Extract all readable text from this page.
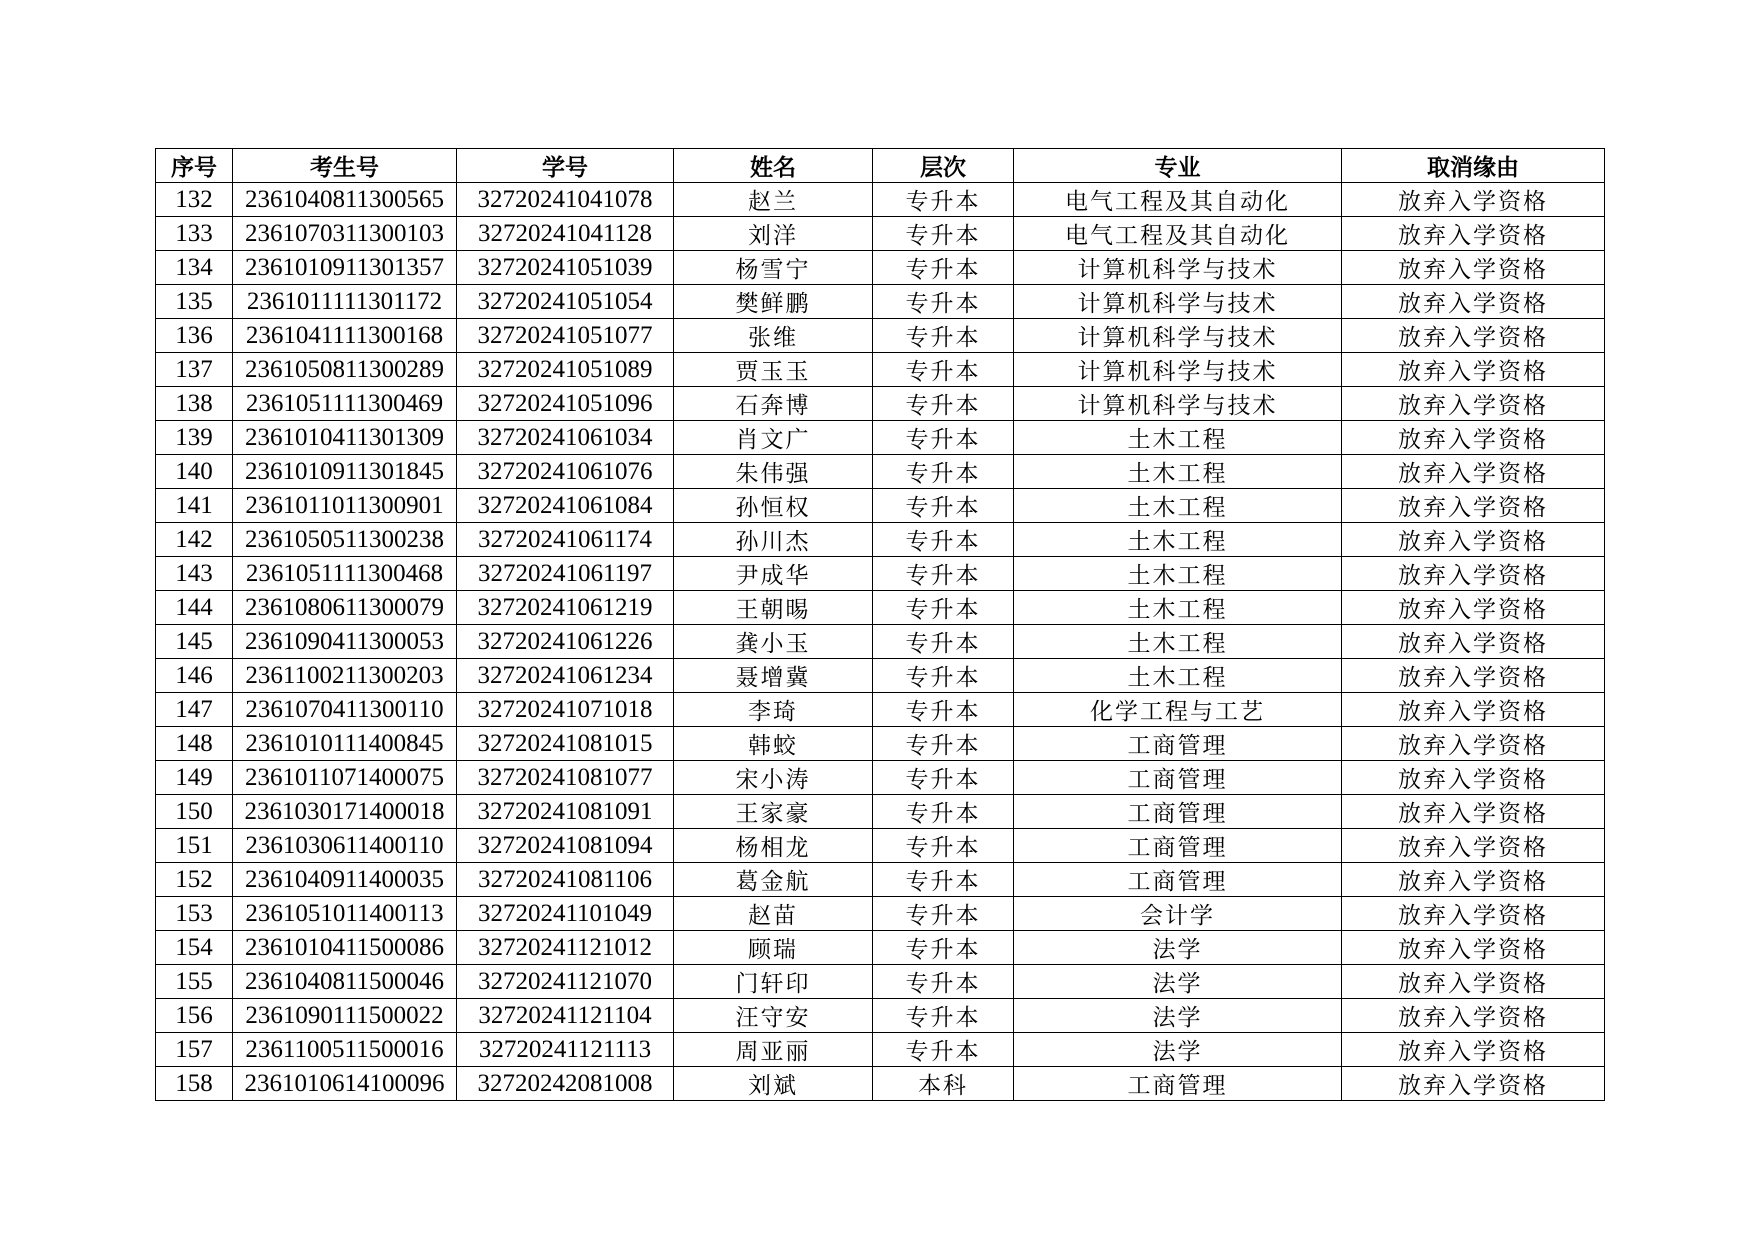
序号	考生号	学号	姓名	层次	专业	取消缘由
132	2361040811300565	32720241041078	赵兰	专升本	电气工程及其自动化	放弃入学资格
133	2361070311300103	32720241041128	刘洋	专升本	电气工程及其自动化	放弃入学资格
134	2361010911301357	32720241051039	杨雪宁	专升本	计算机科学与技术	放弃入学资格
135	2361011111301172	32720241051054	樊鲜鹏	专升本	计算机科学与技术	放弃入学资格
136	2361041111300168	32720241051077	张维	专升本	计算机科学与技术	放弃入学资格
137	2361050811300289	32720241051089	贾玉玉	专升本	计算机科学与技术	放弃入学资格
138	2361051111300469	32720241051096	石奔博	专升本	计算机科学与技术	放弃入学资格
139	2361010411301309	32720241061034	肖文广	专升本	土木工程	放弃入学资格
140	2361010911301845	32720241061076	朱伟强	专升本	土木工程	放弃入学资格
141	2361011011300901	32720241061084	孙恒权	专升本	土木工程	放弃入学资格
142	2361050511300238	32720241061174	孙川杰	专升本	土木工程	放弃入学资格
143	2361051111300468	32720241061197	尹成华	专升本	土木工程	放弃入学资格
144	2361080611300079	32720241061219	王朝晹	专升本	土木工程	放弃入学资格
145	2361090411300053	32720241061226	龚小玉	专升本	土木工程	放弃入学资格
146	2361100211300203	32720241061234	聂增冀	专升本	土木工程	放弃入学资格
147	2361070411300110	32720241071018	李琦	专升本	化学工程与工艺	放弃入学资格
148	2361010111400845	32720241081015	韩蛟	专升本	工商管理	放弃入学资格
149	2361011071400075	32720241081077	宋小涛	专升本	工商管理	放弃入学资格
150	2361030171400018	32720241081091	王家豪	专升本	工商管理	放弃入学资格
151	2361030611400110	32720241081094	杨相龙	专升本	工商管理	放弃入学资格
152	2361040911400035	32720241081106	葛金航	专升本	工商管理	放弃入学资格
153	2361051011400113	32720241101049	赵苗	专升本	会计学	放弃入学资格
154	2361010411500086	32720241121012	顾瑞	专升本	法学	放弃入学资格
155	2361040811500046	32720241121070	门轩印	专升本	法学	放弃入学资格
156	2361090111500022	32720241121104	汪守安	专升本	法学	放弃入学资格
157	2361100511500016	32720241121113	周亚丽	专升本	法学	放弃入学资格
158	2361010614100096	32720242081008	刘斌	本科	工商管理	放弃入学资格
